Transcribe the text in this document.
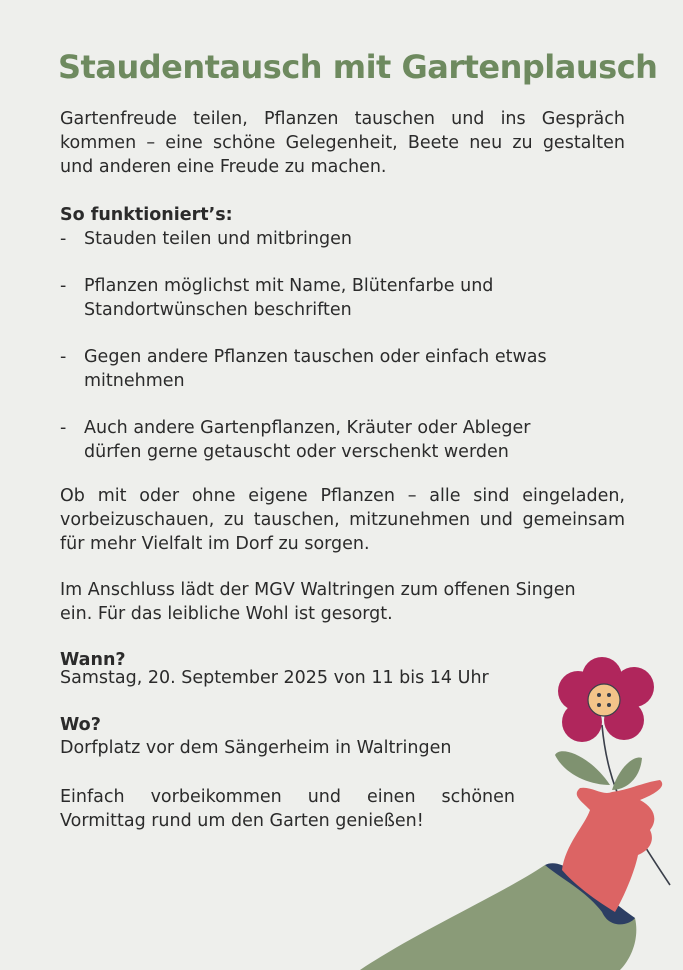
Staudentausch mit Gartenplausch

Gartenfreude teilen, Pflanzen tauschen und ins Gespräch kommen – eine schöne Gelegenheit, Beete neu zu gestalten und anderen eine Freude zu machen.

So funktioniert’s:

- Stauden teilen und mitbringen
- Pflanzen möglichst mit Name, Blütenfarbe und Standortwünschen beschriften
- Gegen andere Pflanzen tauschen oder einfach etwas mitnehmen
- Auch andere Gartenpflanzen, Kräuter oder Ableger dürfen gerne getauscht oder verschenkt werden

Ob mit oder ohne eigene Pflanzen – alle sind eingeladen, vorbeizuschauen, zu tauschen, mitzunehmen und gemeinsam für mehr Vielfalt im Dorf zu sorgen.

Im Anschluss lädt der MGV Waltringen zum offenen Singen ein. Für das leibliche Wohl ist gesorgt.

Wann?

Samstag, 20. September 2025 von 11 bis 14 Uhr

Wo?

Dorfplatz vor dem Sängerheim in Waltringen

Einfach vorbeikommen und einen schönen Vormittag rund um den Garten genießen!
